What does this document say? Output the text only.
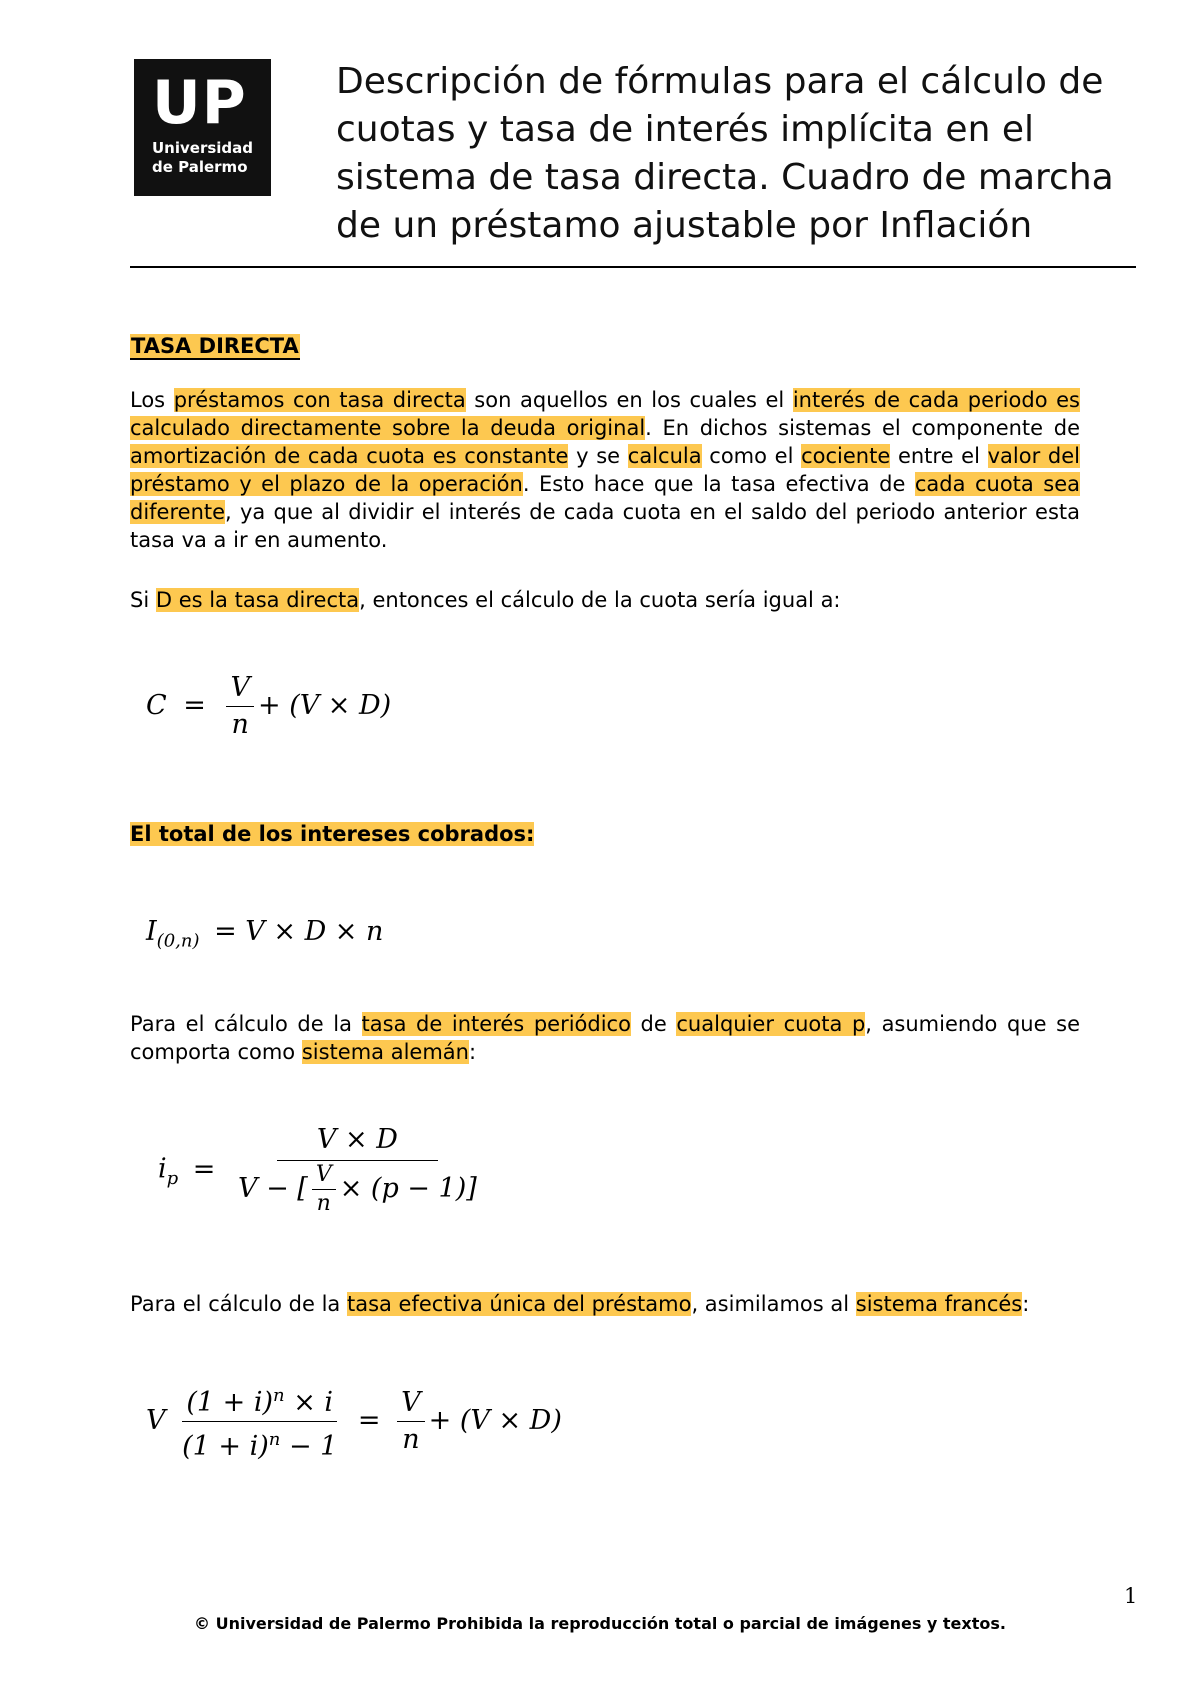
UP
Universidad
de Palermo
Descripción de fórmulas para el cálculo de
cuotas y tasa de interés implícita en el
sistema de tasa directa. Cuadro de marcha
de un préstamo ajustable por Inflación
TASA DIRECTA
Los préstamos con tasa directa son aquellos en los cuales el interés de cada periodo es calculado directamente sobre la deuda original. En dichos sistemas el componente de amortización de cada cuota es constante y se calcula como el cociente entre el valor del préstamo y el plazo de la operación. Esto hace que la tasa efectiva de cada cuota sea diferente, ya que al dividir el interés de cada cuota en el saldo del periodo anterior esta tasa va a ir en aumento.
Si D es la tasa directa, entonces el cálculo de la cuota sería igual a:
$C = \frac{V}{n} + (V \times D)$
El total de los intereses cobrados:
$I_{(0,n)} = V \times D \times n$
Para el cálculo de la tasa de interés periódico de cualquier cuota p, asumiendo que se comporta como sistema alemán:
$i_p = \frac{V \times D}{V - [ \frac{V}{n} \times (p - 1)]}$
Para el cálculo de la tasa efectiva única del préstamo, asimilamos al sistema francés:
V $\frac{(1 + i)^n \times i}{(1 + i)^n - 1} = \frac{V}{n} + (V \times D)$
1
© Universidad de Palermo Prohibida la reproducción total o parcial de imágenes y textos.
